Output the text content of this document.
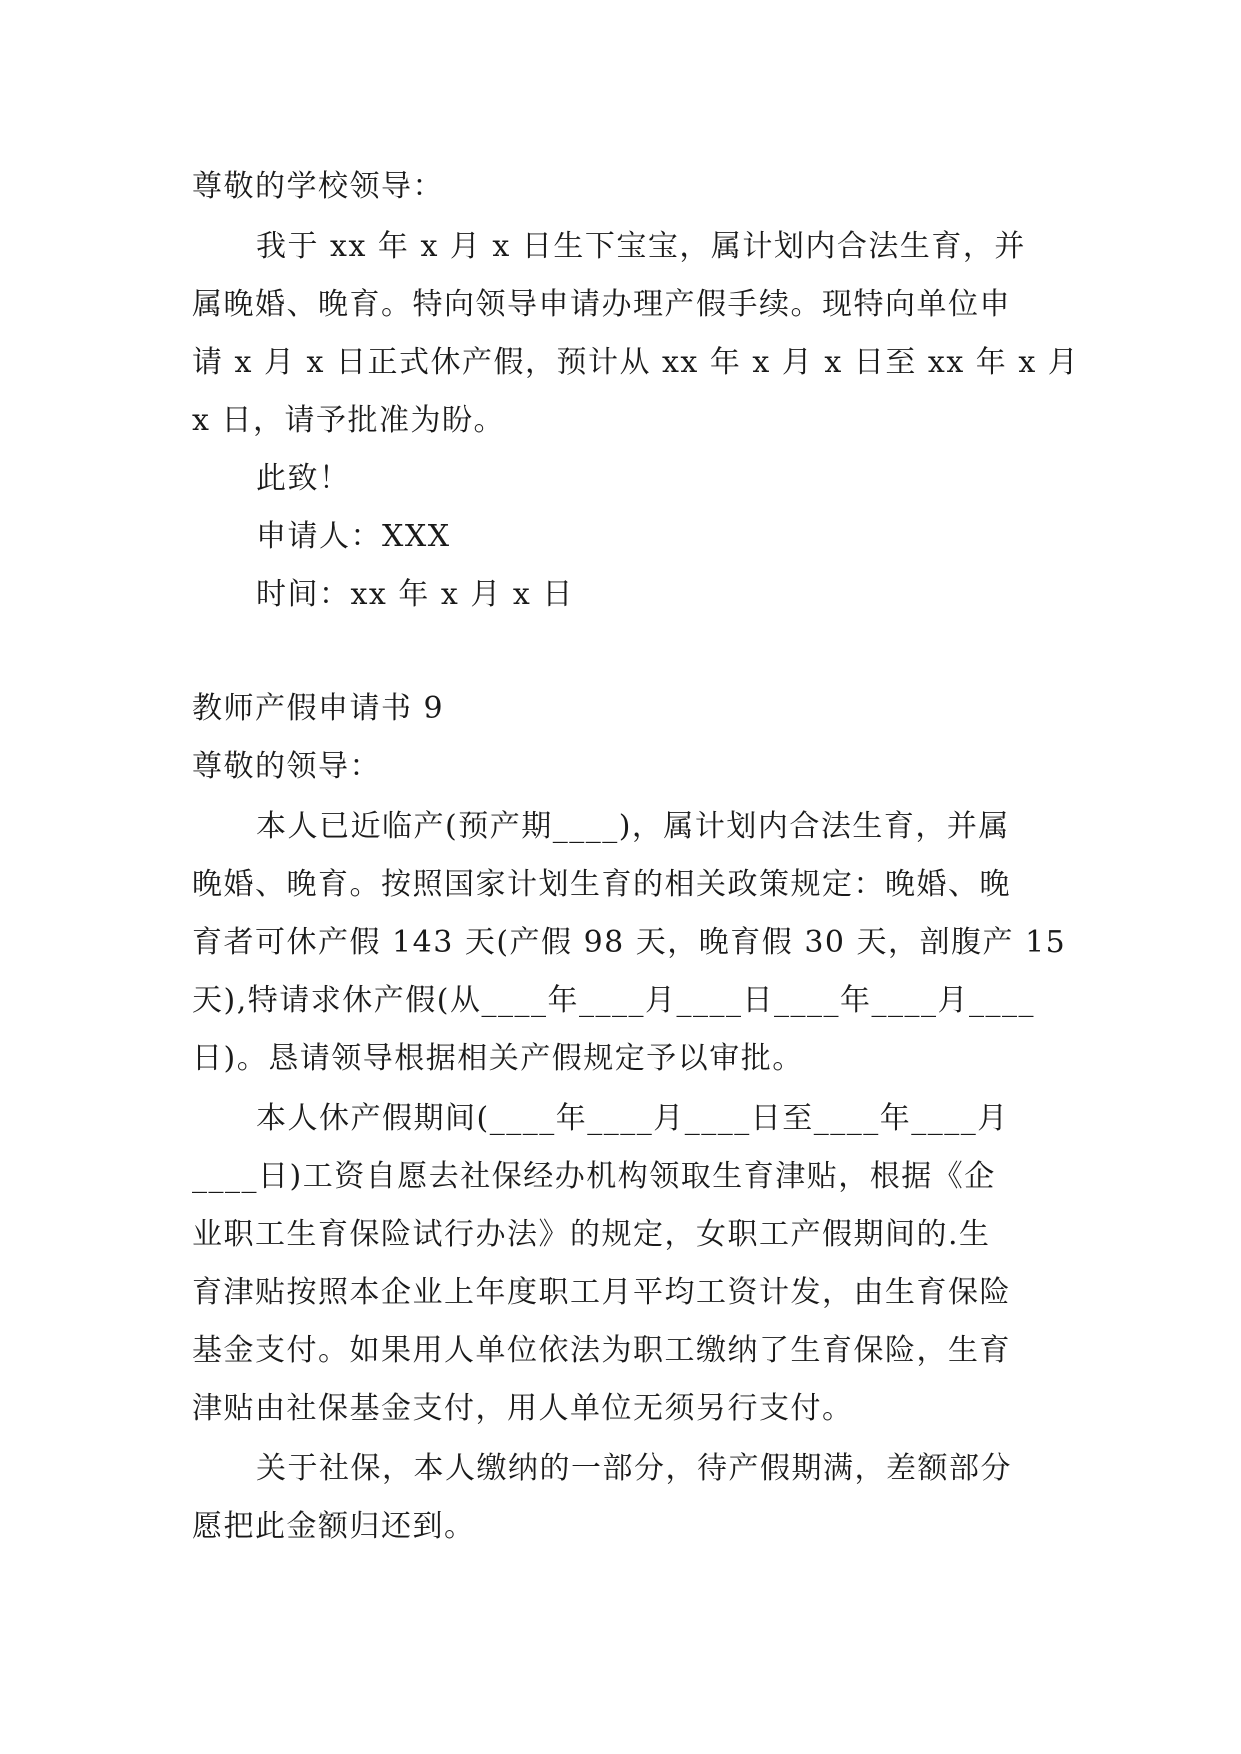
尊敬的学校领导：
我于 xx 年 x 月 x 日生下宝宝，属计划内合法生育，并
属晚婚、晚育。特向领导申请办理产假手续。现特向单位申
请 x 月 x 日正式休产假，预计从 xx 年 x 月 x 日至 xx 年 x 月
x 日，请予批准为盼。
此致！
申请人：XXX
时间：xx 年 x 月 x 日
教师产假申请书 9
尊敬的领导：
本人已近临产(预产期____)，属计划内合法生育，并属
晚婚、晚育。按照国家计划生育的相关政策规定：晚婚、晚
育者可休产假 143 天(产假 98 天，晚育假 30 天，剖腹产 15
天),特请求休产假(从____年____月____日____年____月____
日)。恳请领导根据相关产假规定予以审批。
本人休产假期间(____年____月____日至____年____月
____日)工资自愿去社保经办机构领取生育津贴，根据《企
业职工生育保险试行办法》的规定，女职工产假期间的.生
育津贴按照本企业上年度职工月平均工资计发，由生育保险
基金支付。如果用人单位依法为职工缴纳了生育保险，生育
津贴由社保基金支付，用人单位无须另行支付。
关于社保，本人缴纳的一部分，待产假期满，差额部分
愿把此金额归还到。
